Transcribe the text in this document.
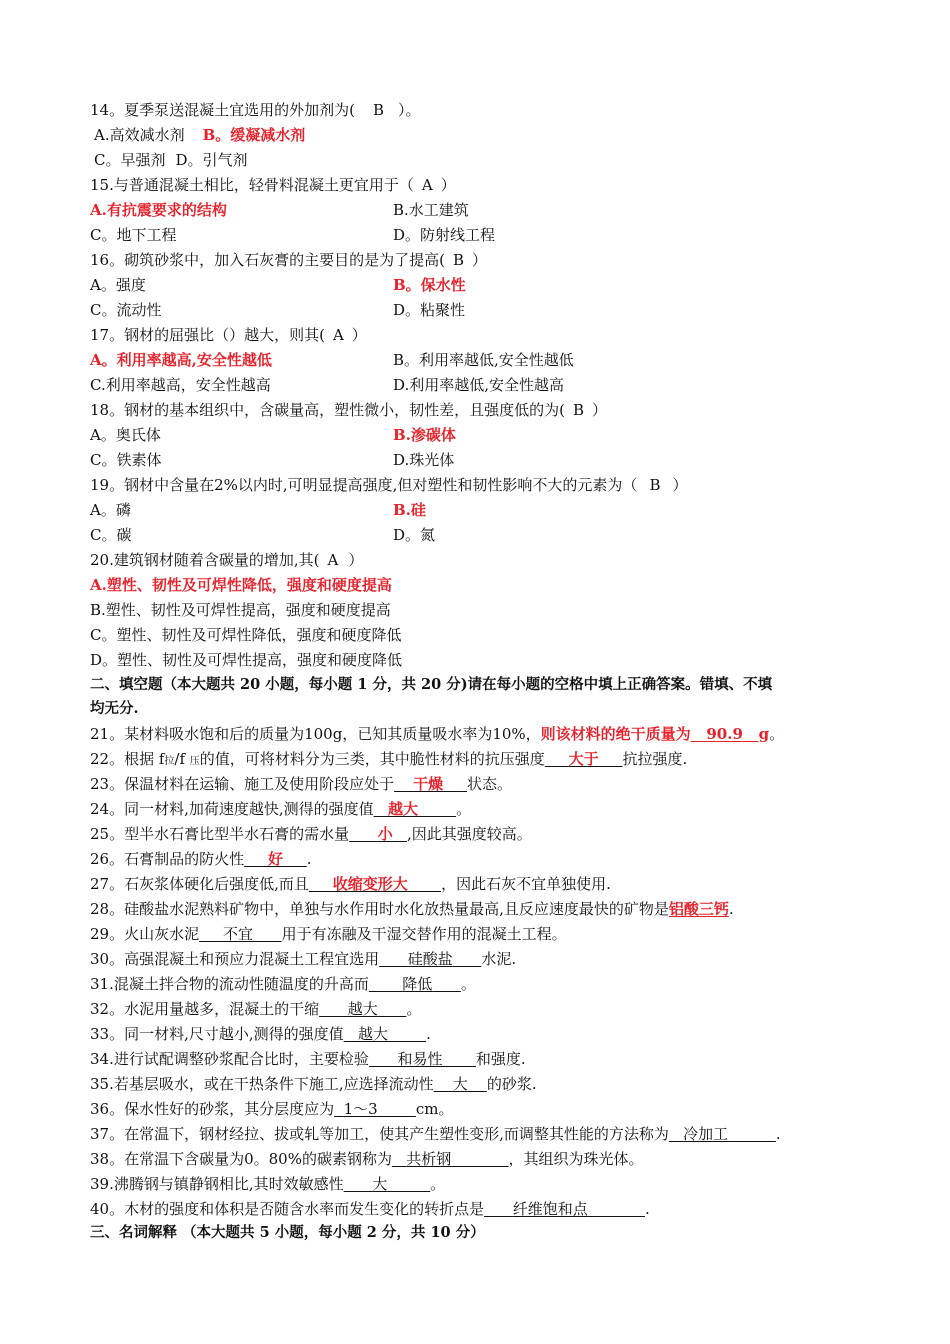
14。夏季泵送混凝土宜选用的外加剂为( B ）。
A.高效减水剂 B。缓凝减水剂
C。早强剂 D。引气剂
15.与普通混凝土相比，轻骨料混凝土更宜用于（ A ）
A.有抗震要求的结构	B.水工建筑
C。地下工程	D。防射线工程
16。砌筑砂浆中，加入石灰膏的主要目的是为了提高( B ）
A。强度	B。保水性
C。流动性	D。粘聚性
17。钢材的屈强比（）越大，则其( A ）
A。利用率越高,安全性越低	B。利用率越低,安全性越低
C.利用率越高，安全性越高	D.利用率越低,安全性越高
18。钢材的基本组织中，含碳量高，塑性微小，韧性差，且强度低的为( B ）
A。奥氏体	B.渗碳体
C。铁素体	D.珠光体
19。钢材中含量在2%以内时,可明显提高强度,但对塑性和韧性影响不大的元素为（ B ）
A。磷	B.硅
C。碳	D。氮
20.建筑钢材随着含碳量的增加,其( A ）
A.塑性、韧性及可焊性降低，强度和硬度提高
B.塑性、韧性及可焊性提高，强度和硬度提高
C。塑性、韧性及可焊性降低，强度和硬度降低
D。塑性、韧性及可焊性提高，强度和硬度降低
二、填空题（本大题共 20 小题，每小题 1 分，共 20 分)请在每小题的空格中填上正确答案。错填、不填
均无分.
21。某材料吸水饱和后的质量为100g，已知其质量吸水率为10%，则该材料的绝干质量为 90.9 g。
22。根据 f拉/f 压的值，可将材料分为三类，其中脆性材料的抗压强度 大于 抗拉强度.
23。保温材料在运输、施工及使用阶段应处于 干燥 状态。
24。同一材料,加荷速度越快,测得的强度值 越大	。
25。型半水石膏比型半水石膏的需水量 小 ,因此其强度较高。
26。石膏制品的防火性 好 .
27。石灰浆体硬化后强度低,而且 收缩变形大 ，因此石灰不宜单独使用.
28。硅酸盐水泥熟料矿物中，单独与水作用时水化放热量最高,且反应速度最快的矿物是铝酸三钙.
29。火山灰水泥 不宜 用于有冻融及干湿交替作用的混凝土工程。
30。高强混凝土和预应力混凝土工程宜选用 硅酸盐 水泥.
31.混凝土拌合物的流动性随温度的升高而 降低 。
32。水泥用量越多，混凝土的干缩 越大 。
33。同一材料,尺寸越小,测得的强度值 越大	.
34.进行试配调整砂浆配合比时，主要检验 和易性 和强度.
35.若基层吸水，或在干热条件下施工,应选择流动性 大 的砂浆.
36。保水性好的砂浆，其分层度应为 1～3	cm。
37。在常温下，钢材经拉、拔或轧等加工，使其产生塑性变形,而调整其性能的方法称为 冷加工	.
38。在常温下含碳量为0。80%的碳素钢称为 共析钢	，其组织为珠光体。
39.沸腾钢与镇静钢相比,其时效敏感性 大	。
40。木材的强度和体积是否随含水率而发生变化的转折点是 纤维饱和点	.
三、名词解释 （本大题共 5 小题，每小题 2 分，共 10 分）
